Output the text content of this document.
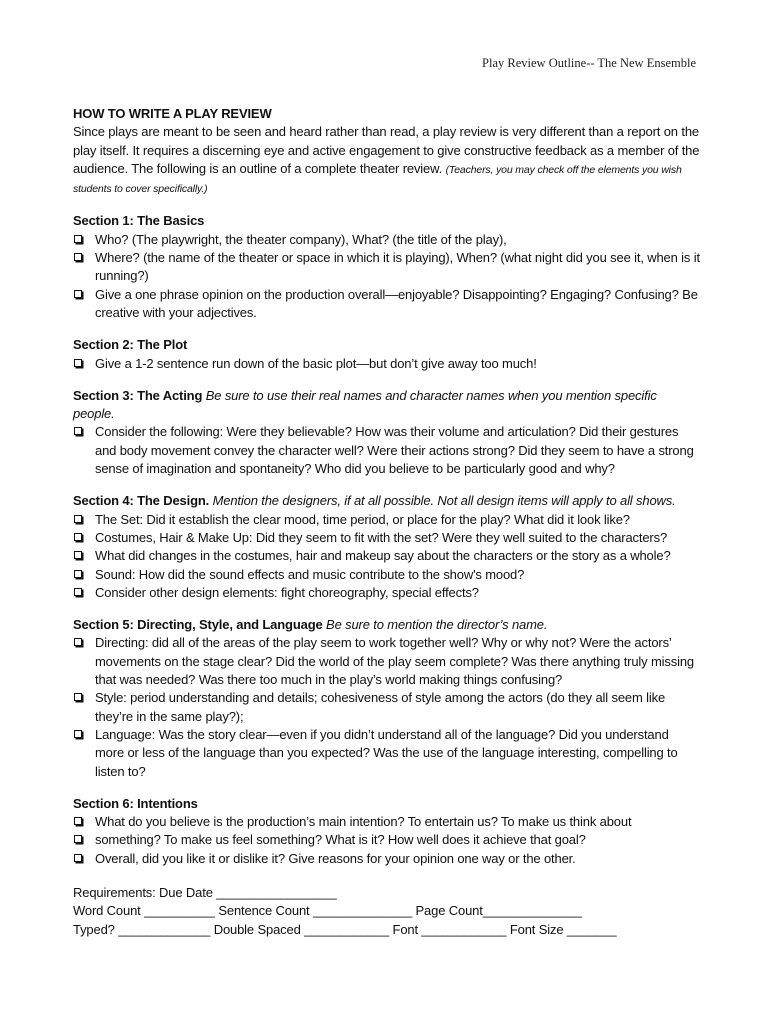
Play Review Outline-- The New Ensemble

HOW TO WRITE A PLAY REVIEW

Since plays are meant to be seen and heard rather than read, a play review is very different than a report on the play itself. It requires a discerning eye and active engagement to give constructive feedback as a member of the audience. The following is an outline of a complete theater review. (Teachers, you may check off the elements you wish students to cover specifically.)

Section 1: The Basics

Who? (The playwright, the theater company), What? (the title of the play),
Where? (the name of the theater or space in which it is playing), When? (what night did you see it, when is it running?)
Give a one phrase opinion on the production overall—enjoyable? Disappointing? Engaging? Confusing? Be creative with your adjectives.

Section 2: The Plot

Give a 1-2 sentence run down of the basic plot—but don’t give away too much!

Section 3: The Acting Be sure to use their real names and character names when you mention specific people.

Consider the following: Were they believable? How was their volume and articulation? Did their gestures and body movement convey the character well? Were their actions strong? Did they seem to have a strong sense of imagination and spontaneity? Who did you believe to be particularly good and why?

Section 4: The Design. Mention the designers, if at all possible. Not all design items will apply to all shows.

The Set: Did it establish the clear mood, time period, or place for the play? What did it look like?
Costumes, Hair & Make Up: Did they seem to fit with the set? Were they well suited to the characters?
What did changes in the costumes, hair and makeup say about the characters or the story as a whole?
Sound: How did the sound effects and music contribute to the show's mood?
Consider other design elements: fight choreography, special effects?

Section 5: Directing, Style, and Language Be sure to mention the director’s name.

Directing: did all of the areas of the play seem to work together well? Why or why not? Were the actors’ movements on the stage clear? Did the world of the play seem complete? Was there anything truly missing that was needed? Was there too much in the play’s world making things confusing?
Style: period understanding and details; cohesiveness of style among the actors (do they all seem like they’re in the same play?);
Language: Was the story clear—even if you didn’t understand all of the language? Did you understand more or less of the language than you expected? Was the use of the language interesting, compelling to listen to?

Section 6: Intentions

What do you believe is the production’s main intention? To entertain us? To make us think about
something? To make us feel something? What is it? How well does it achieve that goal?
Overall, did you like it or dislike it? Give reasons for your opinion one way or the other.
Requirements: Due Date _________________
Word Count __________ Sentence Count ______________ Page Count______________
Typed? _____________ Double Spaced ____________ Font ____________ Font Size _______
